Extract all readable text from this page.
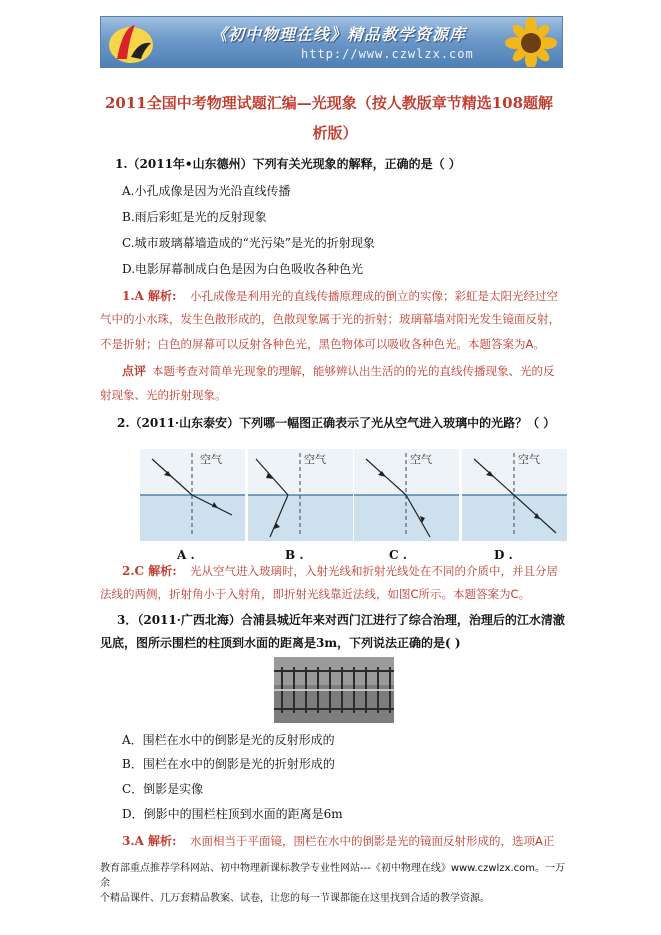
《初中物理在线》精品教学资源库
http://www.czwlzx.com
2011全国中考物理试题汇编—光现象（按人教版章节精选108题解
析版）
1.（2011年•山东德州）下列有关光现象的解释，正确的是（ ）
A.小孔成像是因为光沿直线传播
B.雨后彩虹是光的反射现象
C.城市玻璃幕墙造成的“光污染”是光的折射现象
D.电影屏幕制成白色是因为白色吸收各种色光
1.A 解析: 小孔成像是利用光的直线传播原理成的倒立的实像；彩虹是太阳光经过空
气中的小水珠，发生色散形成的，色散现象属于光的折射；玻璃幕墙对阳光发生镜面反射，
不是折射；白色的屏幕可以反射各种色光，黑色物体可以吸收各种色光。本题答案为A。
点评 本题考查对简单光现象的理解，能够辨认出生活的的光的直线传播现象、光的反
射现象、光的折射现象。
2.（2011·山东泰安）下列哪一幅图正确表示了光从空气进入玻璃中的光路？（ ）
空气	空气	空气	空气
A .	B .	C .	D .
2.C 解析: 光从空气进入玻璃时，入射光线和折射光线处在不同的介质中，并且分居
法线的两侧，折射角小于入射角，即折射光线靠近法线，如图C所示。本题答案为C。
3．（2011·广西北海）合浦县城近年来对西门江进行了综合治理，治理后的江水清澈
见底，图所示围栏的柱顶到水面的距离是3m，下列说法正确的是( )
A．围栏在水中的倒影是光的反射形成的
B．围栏在水中的倒影是光的折射形成的
C．倒影是实像
D．倒影中的围栏柱顶到水面的距离是6m
3.A 解析: 水面相当于平面镜，围栏在水中的倒影是光的镜面反射形成的，选项A正
教育部重点推荐学科网站、初中物理新课标教学专业性网站---《初中物理在线》www.czwlzx.com。一万余
个精品课件、几万套精品教案、试卷，让您的每一节课都能在这里找到合适的教学资源。
